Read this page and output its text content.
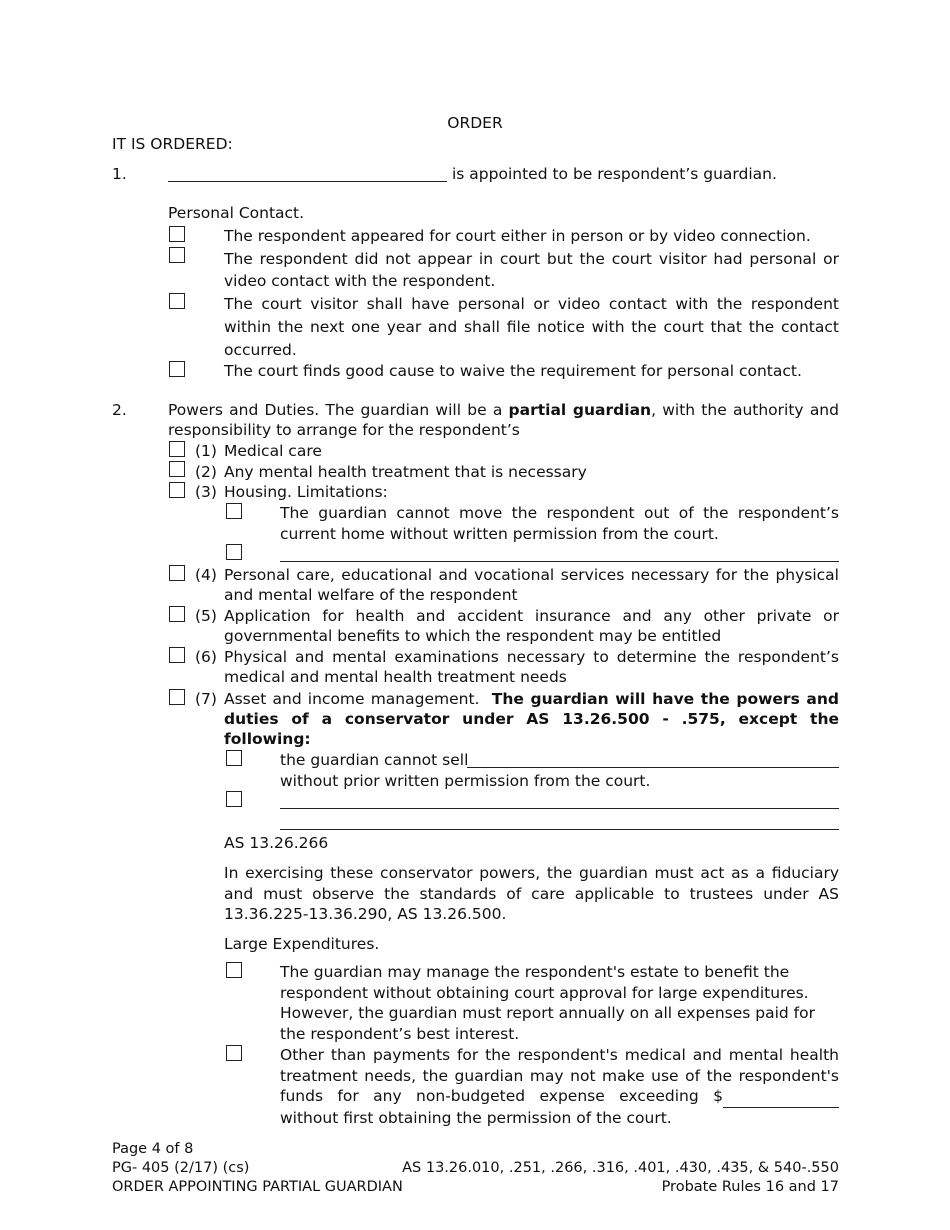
ORDER
IT IS ORDERED:
1.	is appointed to be respondent’s guardian.
Personal Contact.
The respondent appeared for court either in person or by video connection.
The respondent did not appear in court but the court visitor had personal or video contact with the respondent.
The court visitor shall have personal or video contact with the respondent within the next one year and shall file notice with the court that the contact occurred.
The court finds good cause to waive the requirement for personal contact.
2.	Powers and Duties. The guardian will be a partial guardian, with the authority and responsibility to arrange for the respondent’s
(1) Medical care
(2) Any mental health treatment that is necessary
(3) Housing. Limitations:
The guardian cannot move the respondent out of the respondent’s current home without written permission from the court.
(4) Personal care, educational and vocational services necessary for the physical and mental welfare of the respondent
(5) Application for health and accident insurance and any other private or governmental benefits to which the respondent may be entitled
(6) Physical and mental examinations necessary to determine the respondent’s medical and mental health treatment needs
(7) Asset and income management. The guardian will have the powers and duties of a conservator under AS 13.26.500 - .575, except the following:
the guardian cannot sell
without prior written permission from the court.
AS 13.26.266
In exercising these conservator powers, the guardian must act as a fiduciary and must observe the standards of care applicable to trustees under AS 13.36.225-13.36.290, AS 13.26.500.
Large Expenditures.
The guardian may manage the respondent's estate to benefit the respondent without obtaining court approval for large expenditures. However, the guardian must report annually on all expenses paid for the respondent’s best interest.
Other than payments for the respondent's medical and mental health treatment needs, the guardian may not make use of the respondent's funds for any non-budgeted expense exceeding $  without first obtaining the permission of the court.
Page 4 of 8
PG- 405 (2/17) (cs)
ORDER APPOINTING PARTIAL GUARDIAN
AS 13.26.010, .251, .266, .316, .401, .430, .435, & 540-.550
Probate Rules 16 and 17
